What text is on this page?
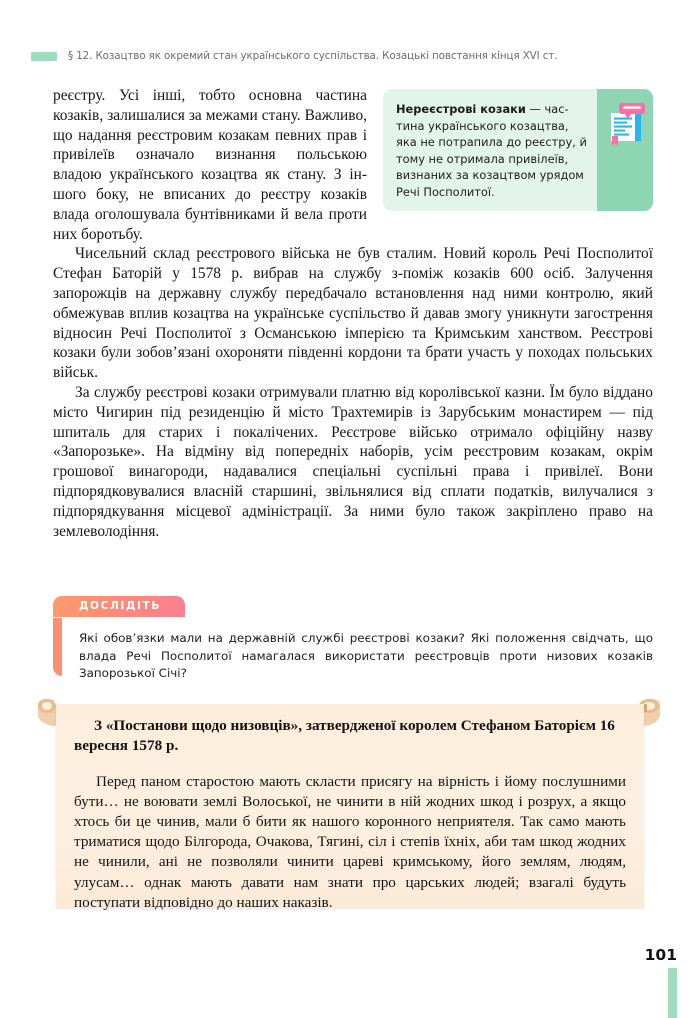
§ 12. Козацтво як окремий стан українського суспільства. Козацькі повстання кінця XVI ст.
Нереєстрові козаки — частина українського козацтва, яка не потрапила до реєстру, й тому не отримала привілеїв, визнаних за козацтвом урядом Речі Посполитої.

реєстру. Усі інші, тобто основна частина козаків, залишалися за межами стану. Важливо, що надання реєстровим козакам певних прав і привілеїв означало визнання польською владою українського козацтва як стану. З іншого боку, не вписаних до реєстру козаків влада оголошувала бунтівниками й вела проти них боротьбу.

Чисельний склад реєстрового війська не був сталим. Новий король Речі Посполитої Стефан Баторій у 1578 р. вибрав на службу з-поміж козаків 600 осіб. Залучення запорожців на державну службу передбачало встановлення над ними контролю, який обмежував вплив козацтва на українське суспільство й давав змогу уникнути загострення відносин Речі Посполитої з Османською імперією та Кримським ханством. Реєстрові козаки були зобов’язані охороняти південні кордони та брати участь у походах польських військ.

За службу реєстрові козаки отримували платню від королівської казни. Їм було віддано місто Чигирин під резиденцію й місто Трахтемирів із Зарубським монастирем — під шпиталь для старих і покалічених. Реєстрове військо отримало офіційну назву «Запорозьке». На відміну від попередніх наборів, усім реєстровим козакам, окрім грошової винагороди, надавалися спеціальні суспільні права і привілеї. Вони підпорядковувалися власній старшині, звільнялися від сплати податків, вилучалися з підпорядкування місцевої адміністрації. За ними було також закріплено право на землеволодіння.

ДОСЛІДІТЬ
Які обов’язки мали на державній службі реєстрові козаки? Які положення свідчать, що влада Речі Посполитої намагалася використати реєстровців проти низових козаків Запорозької Січі?

З «Постанови щодо низовців», затвердженої королем Стефаном Баторієм 16 вересня 1578 р.

Перед паном старостою мають скласти присягу на вірність і йому послушними бути… не воювати землі Волоської, не чинити в ній жодних шкод і розрух, а якщо хтось би це чинив, мали б бити як нашого коронного неприятеля. Так само мають триматися щодо Білгорода, Очакова, Тягині, сіл і степів їхніх, аби там шкод жодних не чинили, ані не позволяли чинити цареві кримському, його землям, людям, улусам… однак мають давати нам знати про царських людей; взагалі будуть поступати відповідно до наших наказів.

101
